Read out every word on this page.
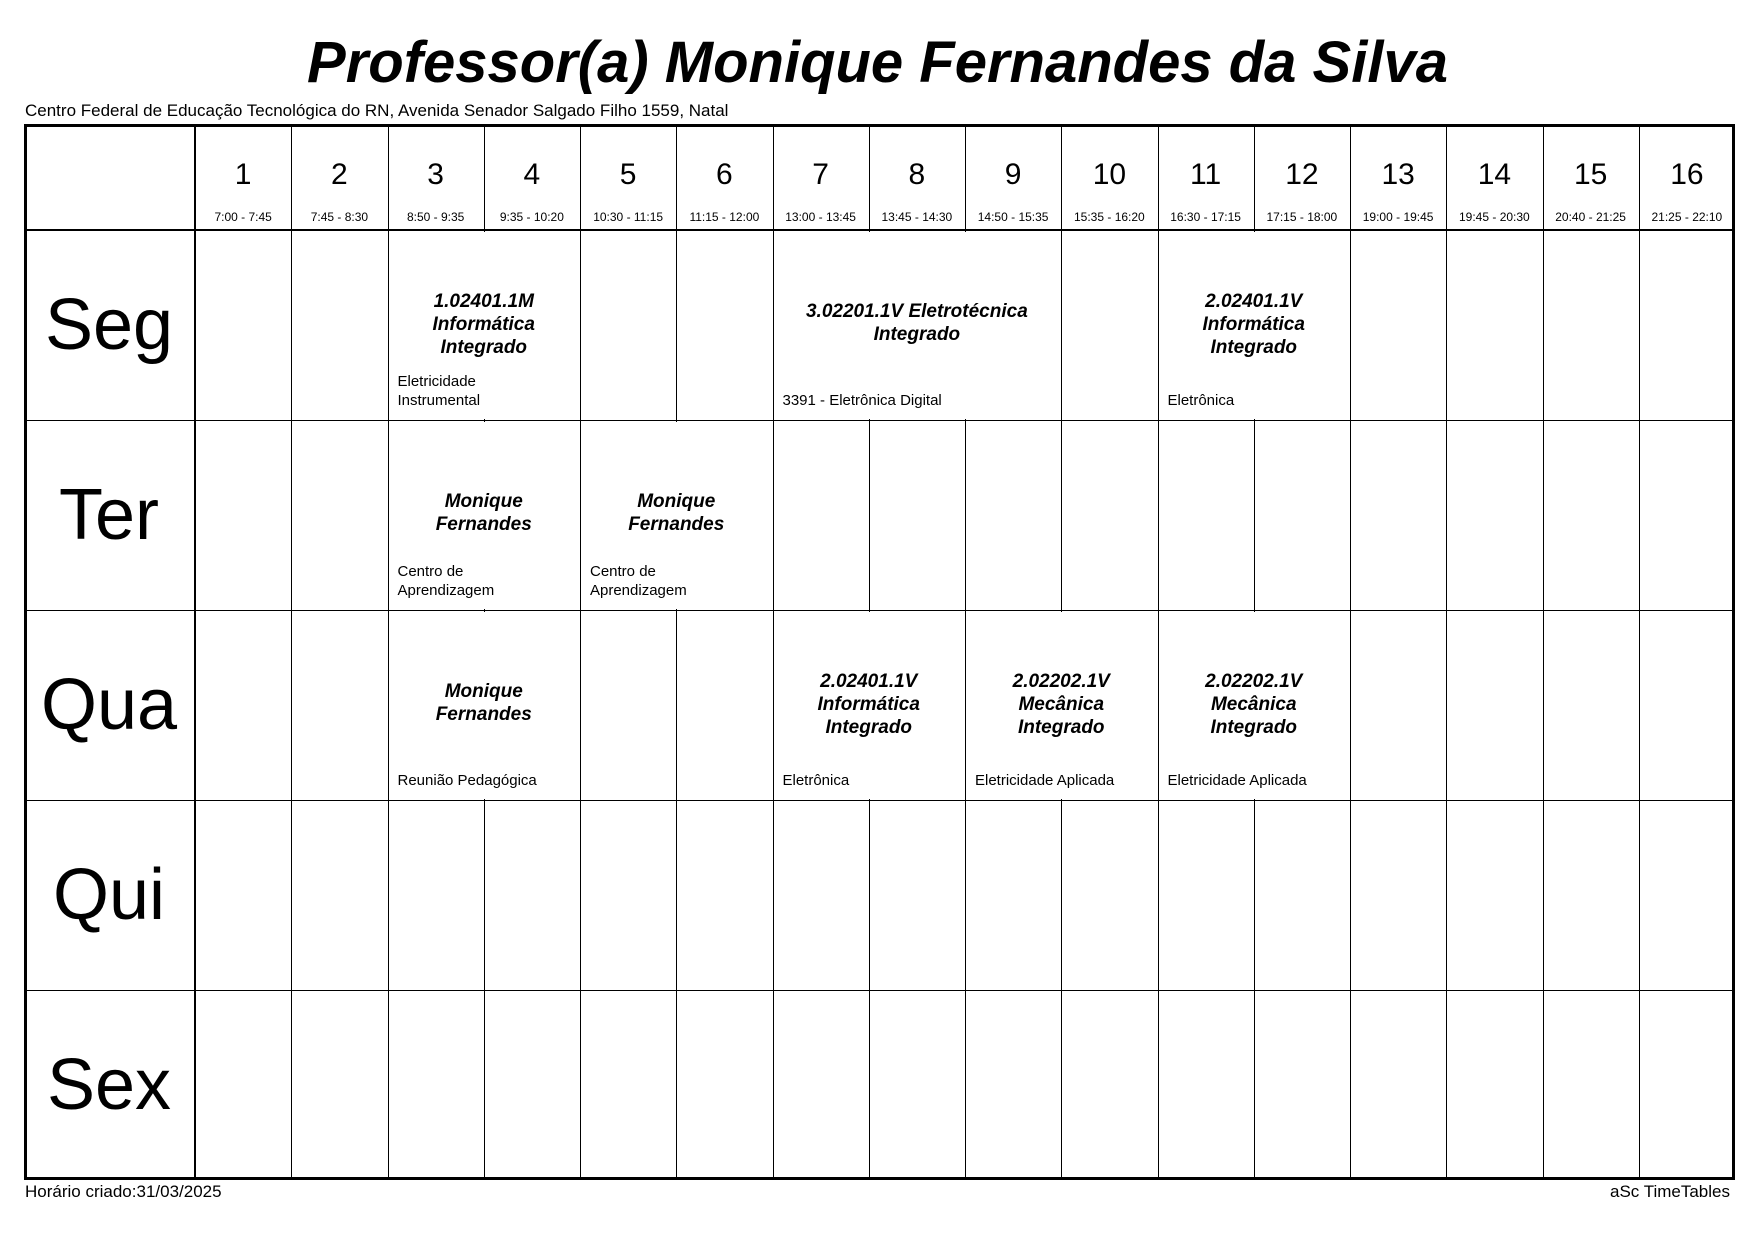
Professor(a) Monique Fernandes da Silva
Centro Federal de Educação Tecnológica do RN, Avenida Senador Salgado Filho 1559, Natal
1
7:00 - 7:45
2
7:45 - 8:30
3
8:50 - 9:35
4
9:35 - 10:20
5
10:30 - 11:15
6
11:15 - 12:00
7
13:00 - 13:45
8
13:45 - 14:30
9
14:50 - 15:35
10
15:35 - 16:20
11
16:30 - 17:15
12
17:15 - 18:00
13
19:00 - 19:45
14
19:45 - 20:30
15
20:40 - 21:25
16
21:25 - 22:10
Seg
Ter
Qua
Qui
Sex
1.02401.1M
Informática
Integrado
Eletricidade
Instrumental
3.02201.1V Eletrotécnica
Integrado
3391 - Eletrônica Digital
2.02401.1V
Informática
Integrado
Eletrônica
Monique
Fernandes
Centro de
Aprendizagem
Monique
Fernandes
Centro de
Aprendizagem
Monique
Fernandes
Reunião Pedagógica
2.02401.1V
Informática
Integrado
Eletrônica
2.02202.1V
Mecânica
Integrado
Eletricidade Aplicada
2.02202.1V
Mecânica
Integrado
Eletricidade Aplicada
Horário criado:31/03/2025	aSc TimeTables
